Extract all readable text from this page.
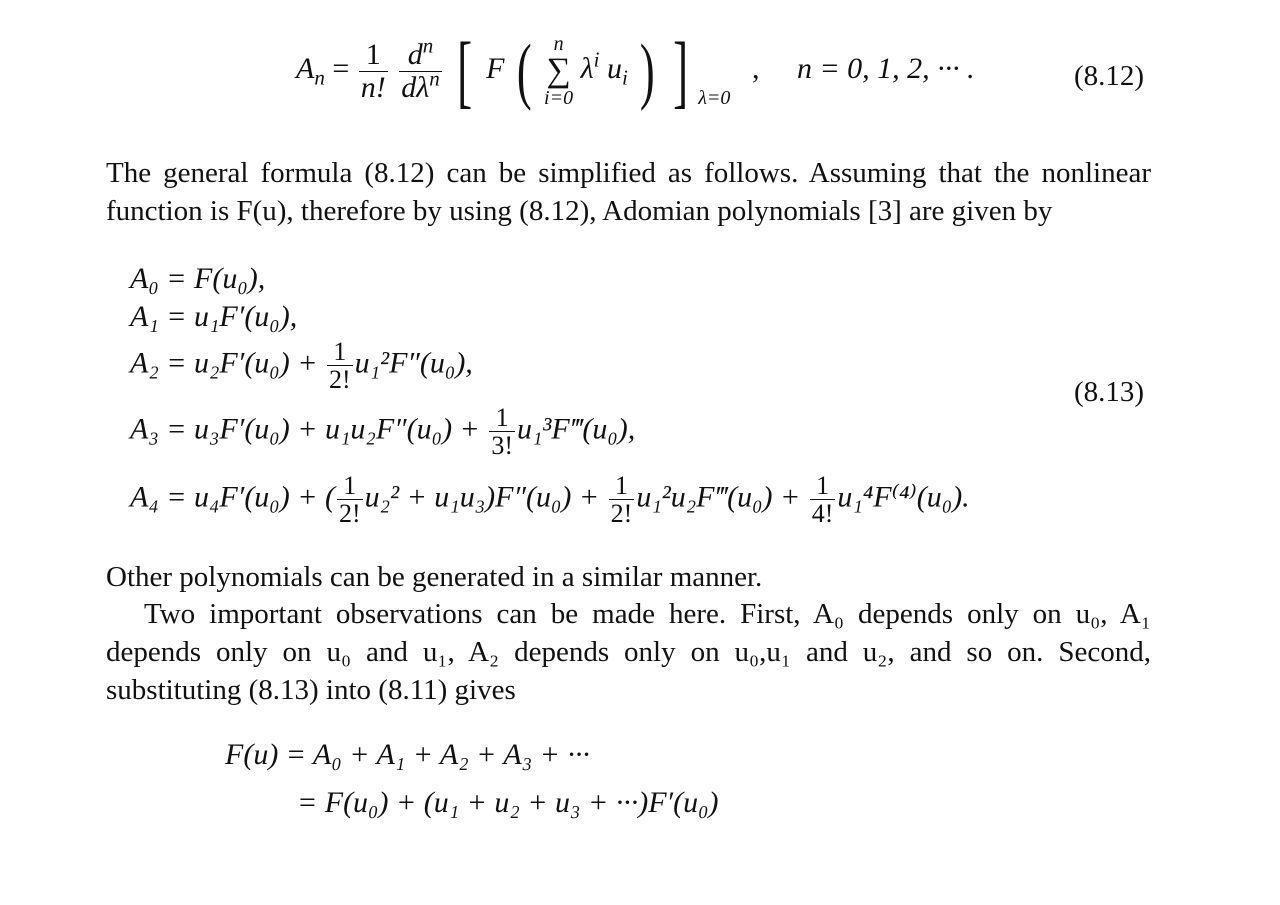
$A_n = \frac{1}{n!}$
$\frac{d^n}{d\lambda^n}$ [ F (	n
∑
i=0
$\lambda^i$ $u_i$ ) ] $_{\lambda=0}$ , n = 0, 1, 2, ··· .	(8.12)
The general formula (8.12) can be simplified as follows. Assuming that the nonlinear
function is F(u), therefore by using (8.12), Adomian polynomials [3] are given by
A₀ = F(u₀),
A₁ = u₁F′(u₀),
$A_2 = u_2F'(u_0) + \frac{1}{2!} u_1^2F''(u_0)$,
$A_3 = u_3F'(u_0) + u_1u_2F''(u_0) + \frac{1}{3!}$ u₁³F‴(u₀),
A₄ = u₄F′(u₀) + ( $\frac{1}{2!} u_2^2 + u_1u_3)F''(u_0) + \frac{1}{2!}$ u₁²u₂F‴(u₀) + $\frac{1}{4!} u_1^4F^{(4)}(u_0)$.
(8.13)
Other polynomials can be generated in a similar manner.
Two important observations can be made here. First, A₀ depends only on u₀, A₁
depends only on u₀ and u₁, A₂ depends only on u₀,u₁ and u₂, and so on. Second,
substituting (8.13) into (8.11) gives
F(u) = A₀ + A₁ + A₂ + A₃ + ···
= F(u₀) + (u₁ + u₂ + u₃ + ···)F′(u₀)
